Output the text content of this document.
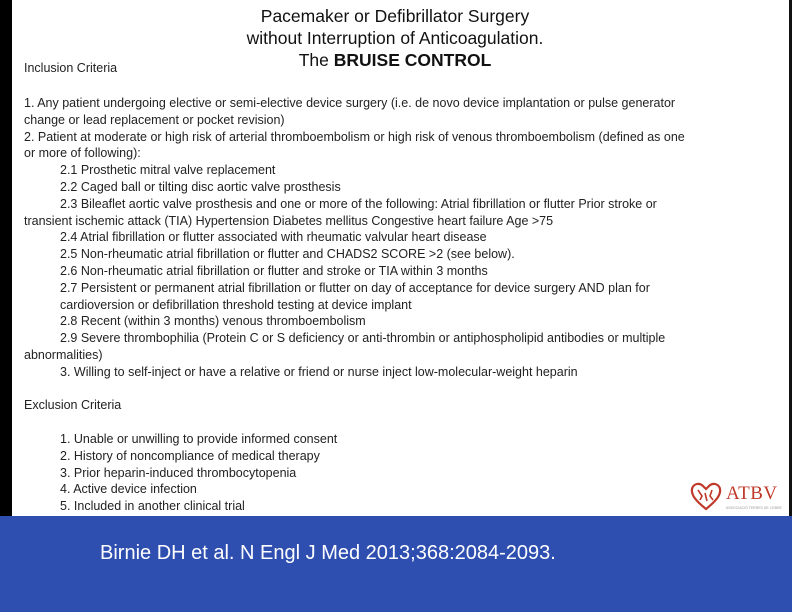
Pacemaker or Defibrillator Surgery
without Interruption of Anticoagulation.
The BRUISE CONTROL
Inclusion Criteria
1. Any patient undergoing elective or semi-elective device surgery (i.e. de novo device implantation or pulse generator
change or lead replacement or pocket revision)
2. Patient at moderate or high risk of arterial thromboembolism or high risk of venous thromboembolism (defined as one
or more of following):
2.1 Prosthetic mitral valve replacement
2.2 Caged ball or tilting disc aortic valve prosthesis
2.3 Bileaflet aortic valve prosthesis and one or more of the following: Atrial fibrillation or flutter Prior stroke or
transient ischemic attack (TIA) Hypertension Diabetes mellitus Congestive heart failure Age >75
2.4 Atrial fibrillation or flutter associated with rheumatic valvular heart disease
2.5 Non-rheumatic atrial fibrillation or flutter and CHADS2 SCORE >2 (see below).
2.6 Non-rheumatic atrial fibrillation or flutter and stroke or TIA within 3 months
2.7 Persistent or permanent atrial fibrillation or flutter on day of acceptance for device surgery AND plan for
cardioversion or defibrillation threshold testing at device implant
2.8 Recent (within 3 months) venous thromboembolism
2.9 Severe thrombophilia (Protein C or S deficiency or anti-thrombin or antiphospholipid antibodies or multiple
abnormalities)
3. Willing to self-inject or have a relative or friend or nurse inject low-molecular-weight heparin
Exclusion Criteria
1. Unable or unwilling to provide informed consent
2. History of noncompliance of medical therapy
3. Prior heparin-induced thrombocytopenia
4. Active device infection
5. Included in another clinical trial
ATBV
ASSOCIACIÓ TERRES DE L'EBRE
Birnie DH et al. N Engl J Med 2013;368:2084-2093.
